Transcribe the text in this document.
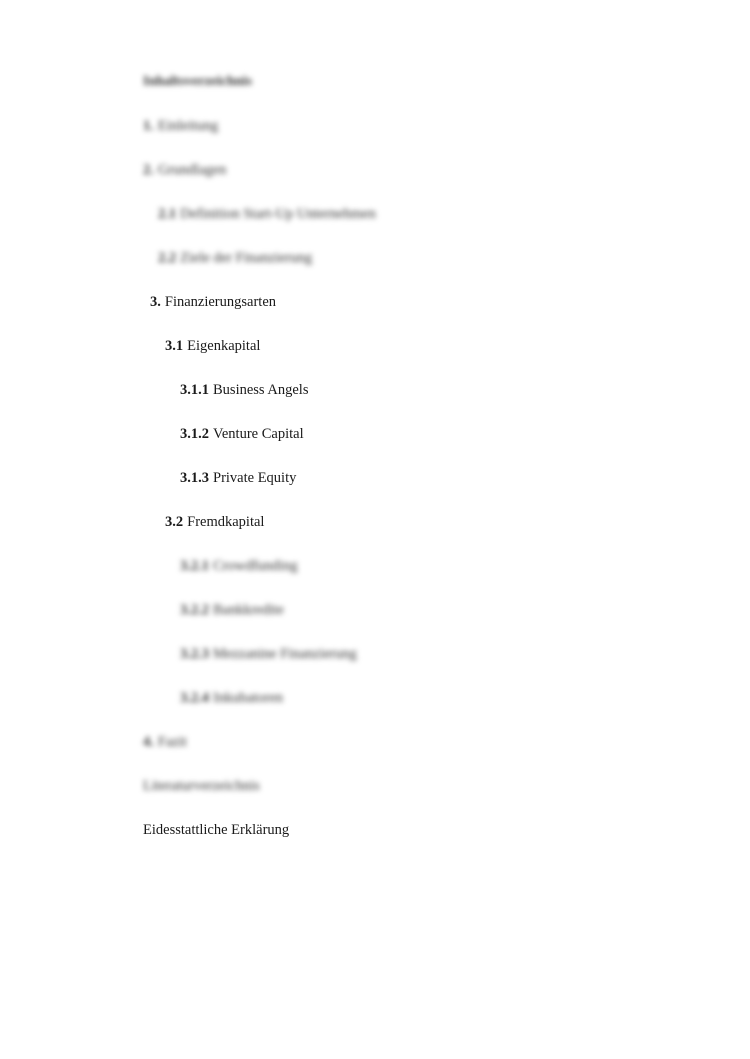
Inhaltsverzeichnis
1. Einleitung
2. Grundlagen
2.1 Definition Start-Up Unternehmen
2.2 Ziele der Finanzierung
3. Finanzierungsarten
3.1 Eigenkapital
3.1.1 Business Angels
3.1.2 Venture Capital
3.1.3 Private Equity
3.2 Fremdkapital
3.2.1 Crowdfunding
3.2.2 Bankkredite
3.2.3 Mezzanine Finanzierung
3.2.4 Inkubatoren
4. Fazit
Literaturverzeichnis
Eidesstattliche Erklärung
